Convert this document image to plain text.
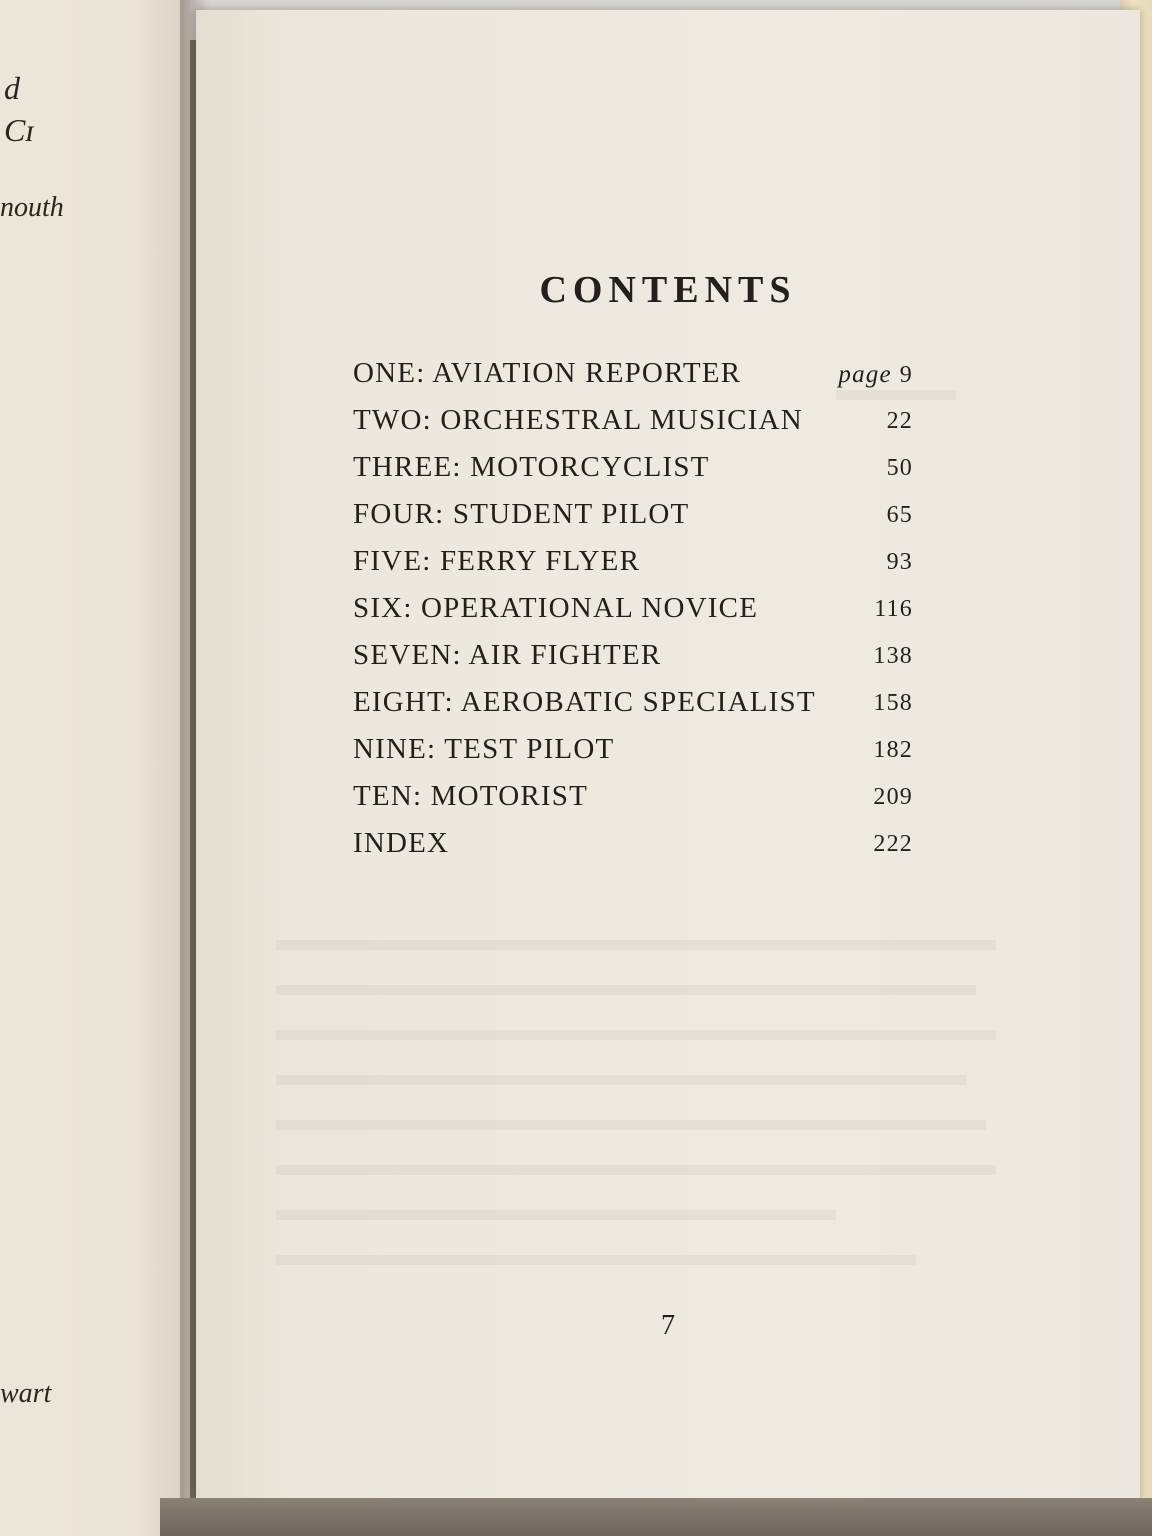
d
Cɪ
nouth
wart
CONTENTS
ONE: AVIATION REPORTER	page 9
TWO: ORCHESTRAL MUSICIAN	22
THREE: MOTORCYCLIST	50
FOUR: STUDENT PILOT	65
FIVE: FERRY FLYER	93
SIX: OPERATIONAL NOVICE	116
SEVEN: AIR FIGHTER	138
EIGHT: AEROBATIC SPECIALIST 158
NINE: TEST PILOT	182
TEN: MOTORIST	209
INDEX	222
7
